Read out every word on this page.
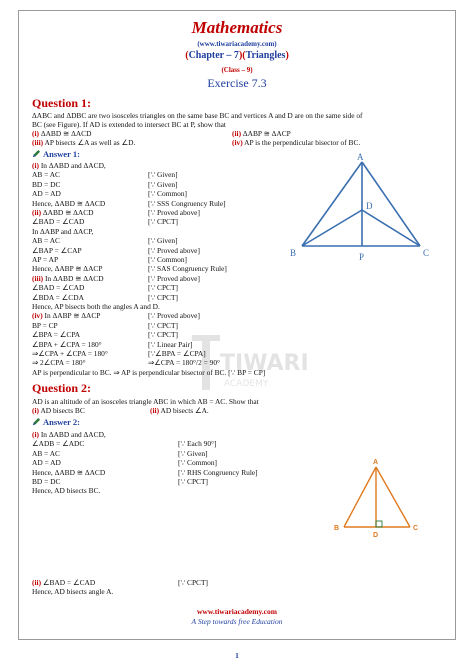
Mathematics
(www.tiwariacademy.com)
(Chapter – 7)(Triangles)
(Class – 9)
Exercise 7.3
TIWARI
ACADEMY
Question 1:
ΔABC and ΔDBC are two isosceles triangles on the same base BC and vertices A and D are on the same side of
BC (see Figure). If AD is extended to intersect BC at P, show that
(i) ΔABD ≅ ΔACD	(ii) ΔABP ≅ ΔACP
(iii) AP bisects ∠A as well as ∠D.	(iv) AP is the perpendicular bisector of BC.
Answer 1:
(i) In ΔABD and ΔACD,
AB = AC	[∵ Given]
BD = DC	[∵ Given]
AD = AD	[∵ Common]
Hence, ΔABD ≅ ΔACD	[∵ SSS Congruency Rule]
(ii) ΔABD ≅ ΔACD	[∵ Proved above]
∠BAD = ∠CAD	[∵ CPCT]
In ΔABP and ΔACP,
AB = AC	[∵ Given]
∠BAP = ∠CAP	[∵ Proved above]
AP = AP	[∵ Common]
Hence, ΔABP ≅ ΔACP	[∵ SAS Congruency Rule]
(iii) In ΔABD ≅ ΔACD	[∵ Proved above]
∠BAD = ∠CAD	[∵ CPCT]
∠BDA = ∠CDA	[∵ CPCT]
Hence, AP bisects both the angles A and D.
(iv) In ΔABP ≅ ΔACP	[∵ Proved above]
BP = CP	[∵ CPCT]
∠BPA = ∠CPA	[∵ CPCT]
∠BPA + ∠CPA = 180°	[∵ Linear Pair]
⇒∠CPA + ∠CPA = 180°	[∵∠BPA = ∠CPA]
⇒ 2∠CPA = 180°	⇒∠CPA = 180°/2 = 90°
AP is perpendicular to BC. ⇒ AP is perpendicular bisector of BC. [∵ BP = CP]
A
D
B	P	C
Question 2:
AD is an altitude of an isosceles triangle ABC in which AB = AC. Show that
(i) AD bisects BC	(ii) AD bisects ∠A.
Answer 2:
(i) In ΔABD and ΔACD,
∠ADB = ∠ADC	[∵ Each 90°]
AB = AC	[∵ Given]
AD = AD	[∵ Common]
Hence, ΔABD ≅ ΔACD	[∵ RHS Congruency Rule]
BD = DC	[∵ CPCT]
Hence, AD bisects BC.
(ii) ∠BAD = ∠CAD	[∵ CPCT]
Hence, AD bisects angle A.
A
B	C
D
www.tiwariacademy.com
A Step towards free Education
1
